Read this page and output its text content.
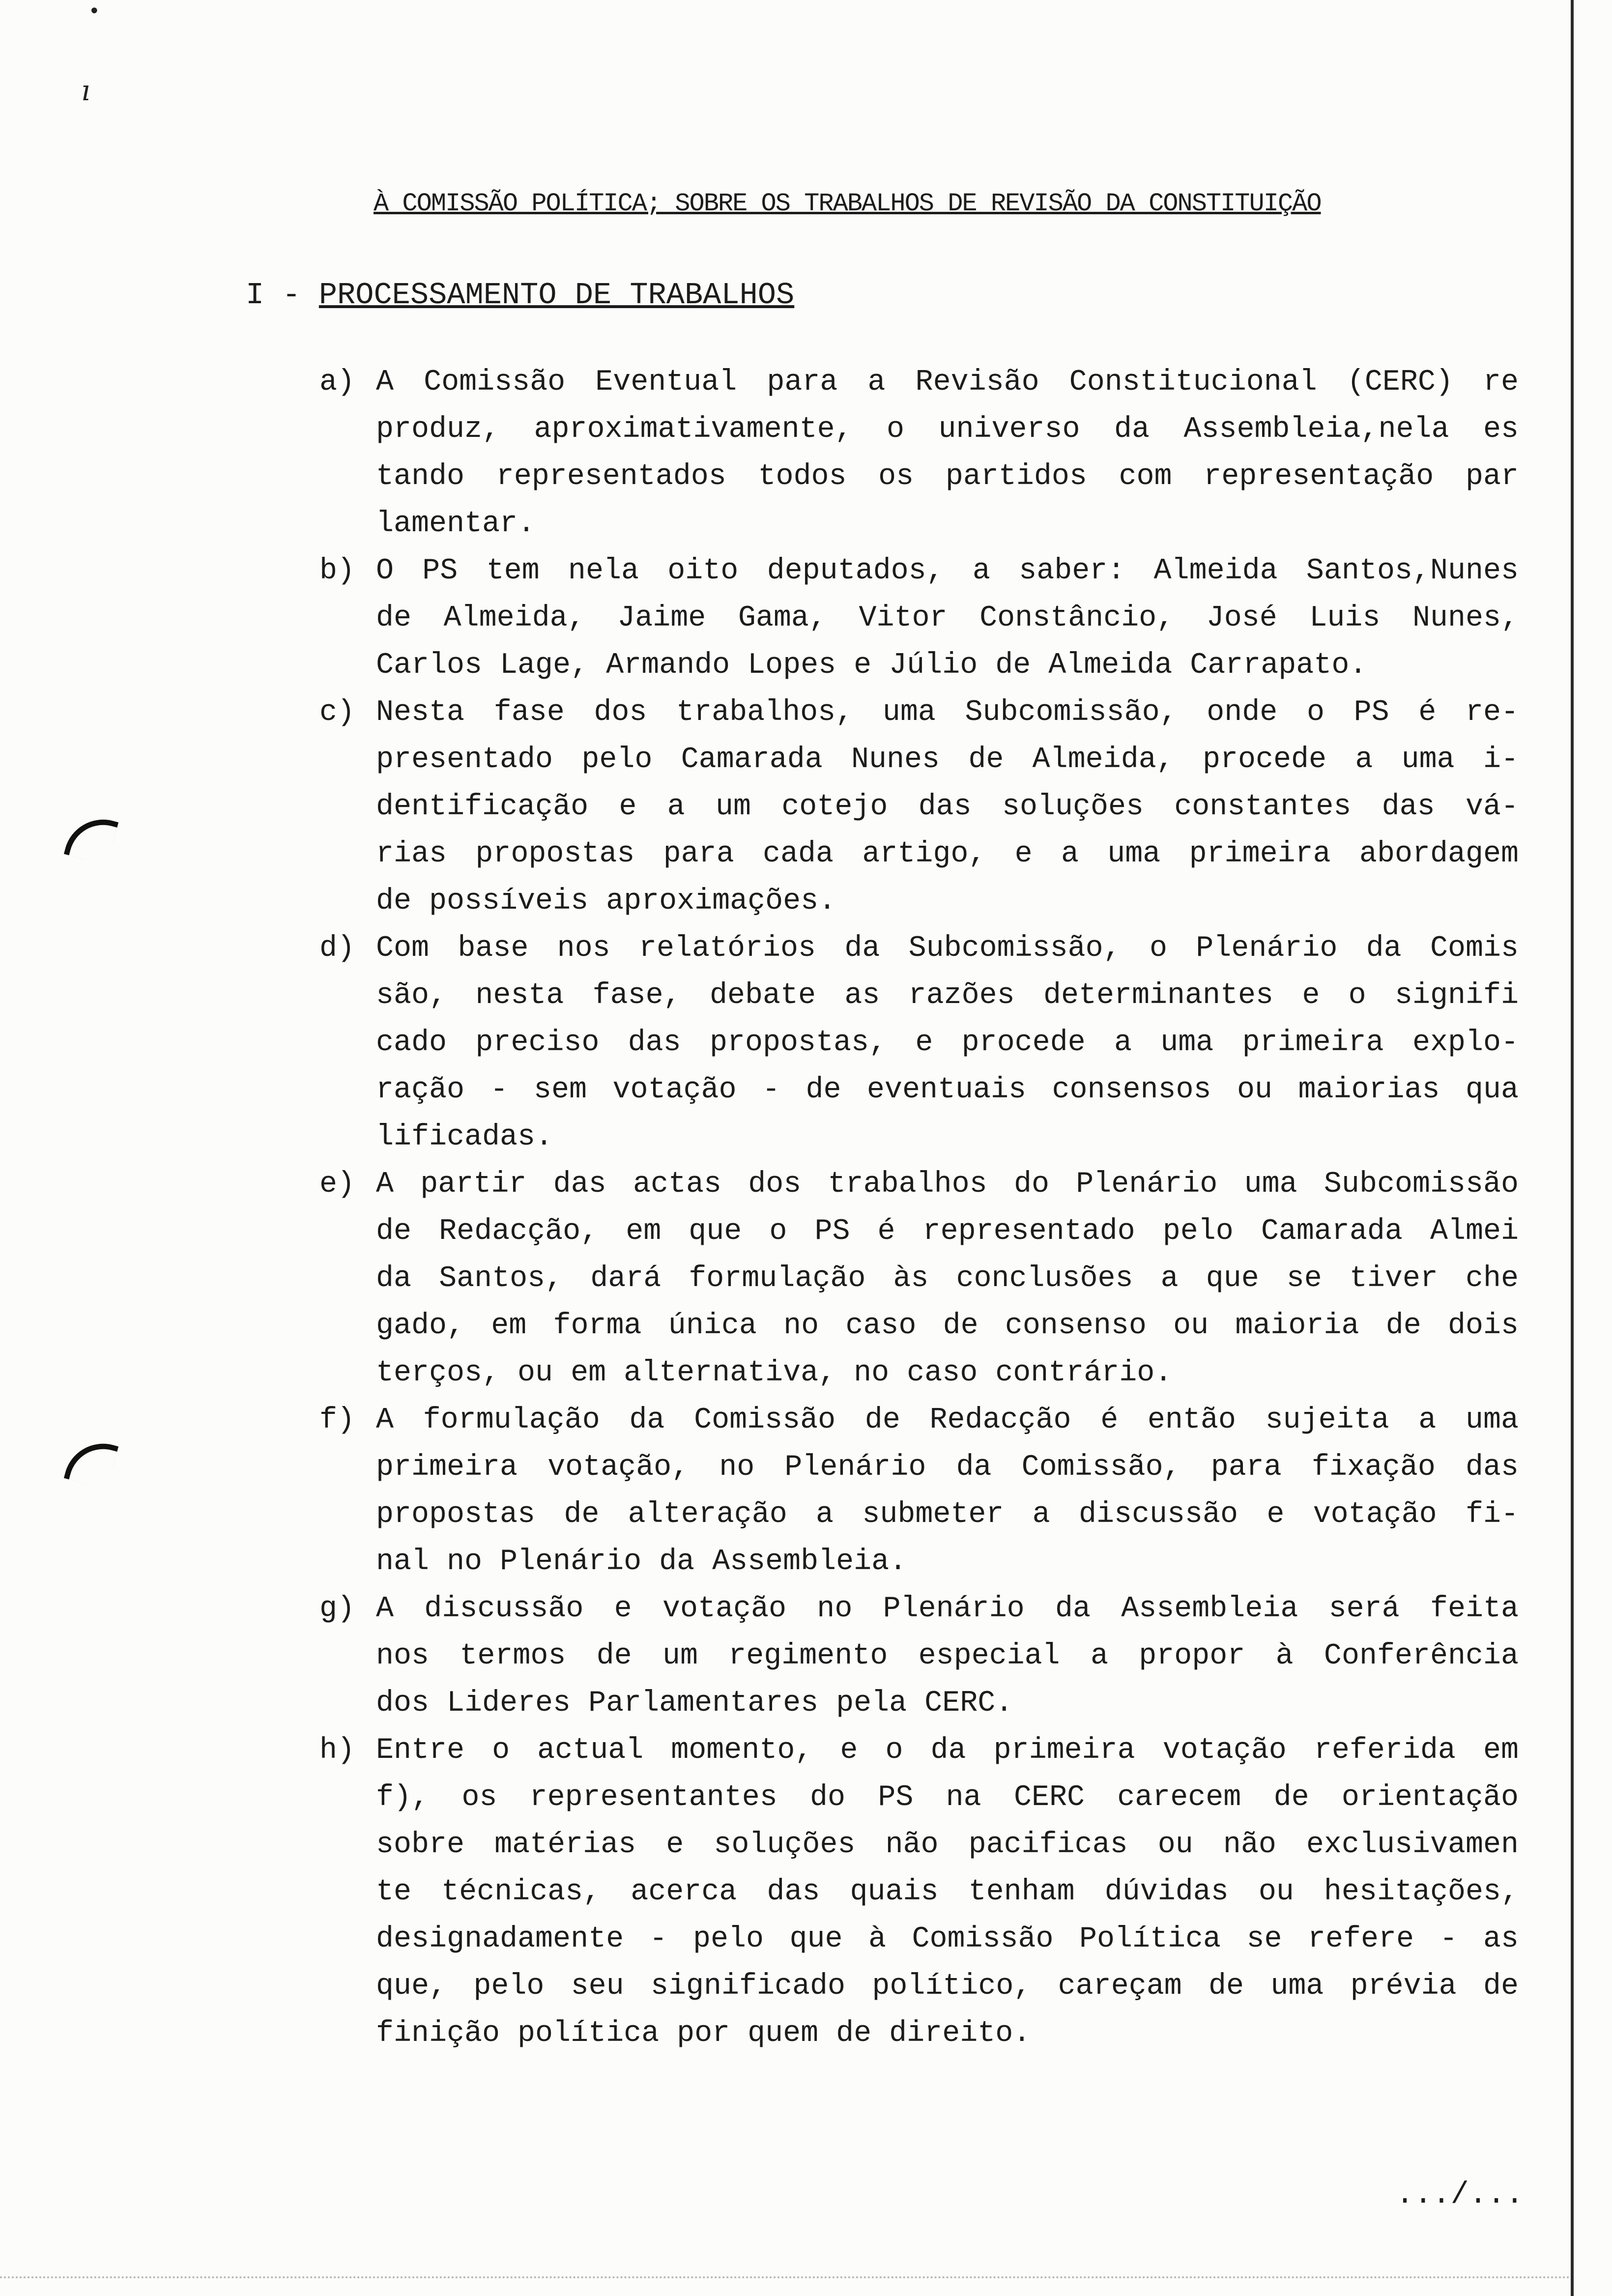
•
ı
À COMISSÃO POLÍTICA; SOBRE OS TRABALHOS DE REVISÃO DA CONSTITUIÇÃO
I - PROCESSAMENTO DE TRABALHOS
a) A Comissão Eventual para a Revisão Constitucional (CERC) re
produz, aproximativamente, o universo da Assembleia,nela es
tando representados todos os partidos com representação par
lamentar.
b) O PS tem nela oito deputados, a saber: Almeida Santos,Nunes
de Almeida, Jaime Gama, Vitor Constâncio, José Luis Nunes,
Carlos Lage, Armando Lopes e Júlio de Almeida Carrapato.
c) Nesta fase dos trabalhos, uma Subcomissão, onde o PS é re-
presentado pelo Camarada Nunes de Almeida, procede a uma i-
dentificação e a um cotejo das soluções constantes das vá-
rias propostas para cada artigo, e a uma primeira abordagem
de possíveis aproximações.
d) Com base nos relatórios da Subcomissão, o Plenário da Comis
são, nesta fase, debate as razões determinantes e o signifi
cado preciso das propostas, e procede a uma primeira explo-
ração - sem votação - de eventuais consensos ou maiorias qua
lificadas.
e) A partir das actas dos trabalhos do Plenário uma Subcomissão
de Redacção, em que o PS é representado pelo Camarada Almei
da Santos, dará formulação às conclusões a que se tiver che
gado, em forma única no caso de consenso ou maioria de dois
terços, ou em alternativa, no caso contrário.
f) A formulação da Comissão de Redacção é então sujeita a uma
primeira votação, no Plenário da Comissão, para fixação das
propostas de alteração a submeter a discussão e votação fi-
nal no Plenário da Assembleia.
g) A discussão e votação no Plenário da Assembleia será feita
nos termos de um regimento especial a propor à Conferência
dos Lideres Parlamentares pela CERC.
h) Entre o actual momento, e o da primeira votação referida em
f), os representantes do PS na CERC carecem de orientação
sobre matérias e soluções não pacificas ou não exclusivamen
te técnicas, acerca das quais tenham dúvidas ou hesitações,
designadamente - pelo que à Comissão Política se refere - as
que, pelo seu significado político, careçam de uma prévia de
finição política por quem de direito.
.../...
